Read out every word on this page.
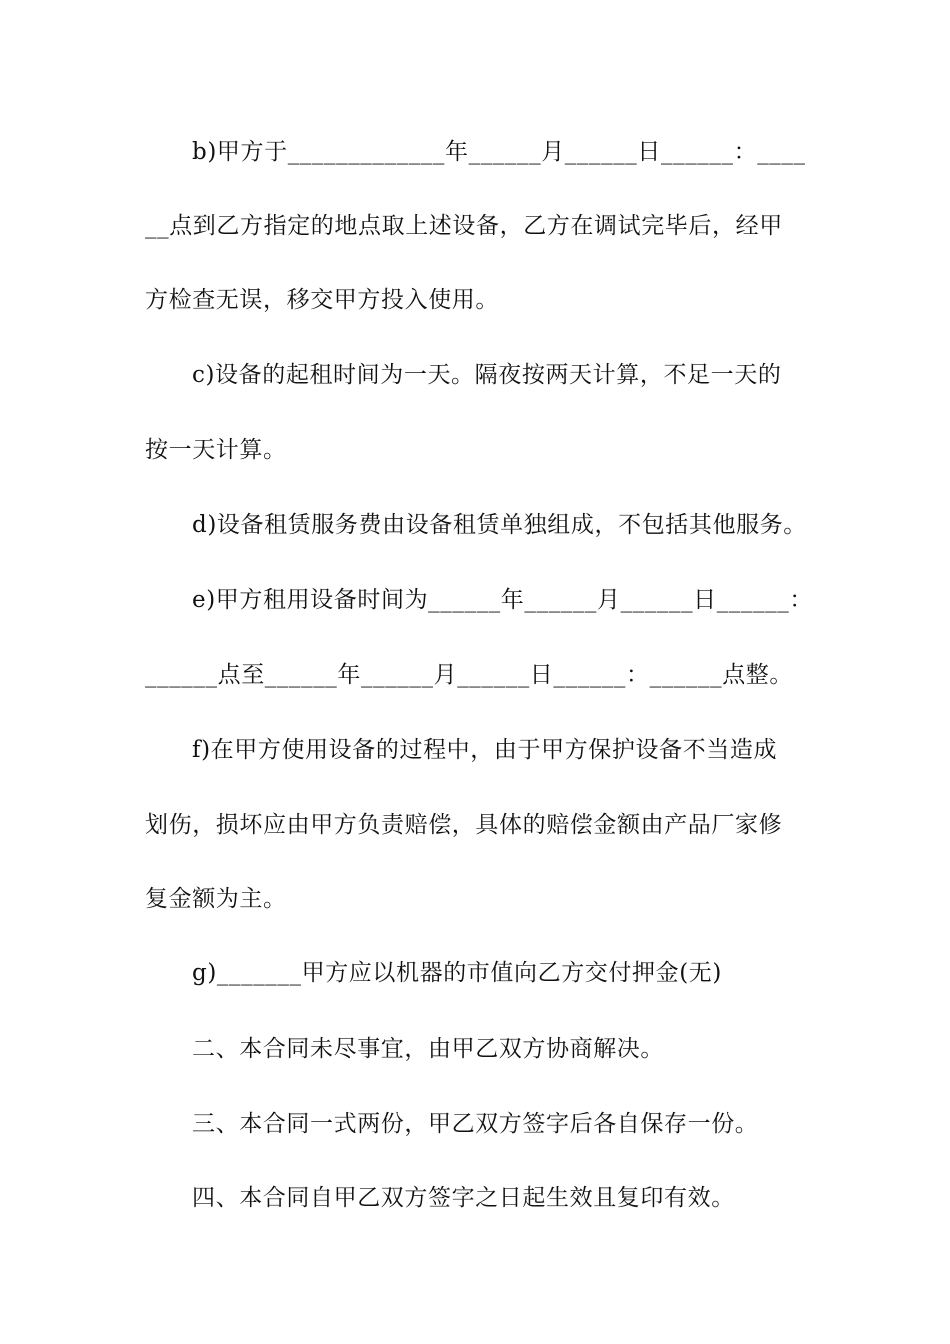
b)甲方于_____________年______月______日______：____
__点到乙方指定的地点取上述设备，乙方在调试完毕后，经甲
方检查无误，移交甲方投入使用。
c)设备的起租时间为一天。隔夜按两天计算，不足一天的
按一天计算。
d)设备租赁服务费由设备租赁单独组成，不包括其他服务。
e)甲方租用设备时间为______年______月______日______：
______点至______年______月______日______：______点整。
f)在甲方使用设备的过程中，由于甲方保护设备不当造成
划伤，损坏应由甲方负责赔偿，具体的赔偿金额由产品厂家修
复金额为主。
g)_______甲方应以机器的市值向乙方交付押金(无)
二、本合同未尽事宜，由甲乙双方协商解决。
三、本合同一式两份，甲乙双方签字后各自保存一份。
四、本合同自甲乙双方签字之日起生效且复印有效。
